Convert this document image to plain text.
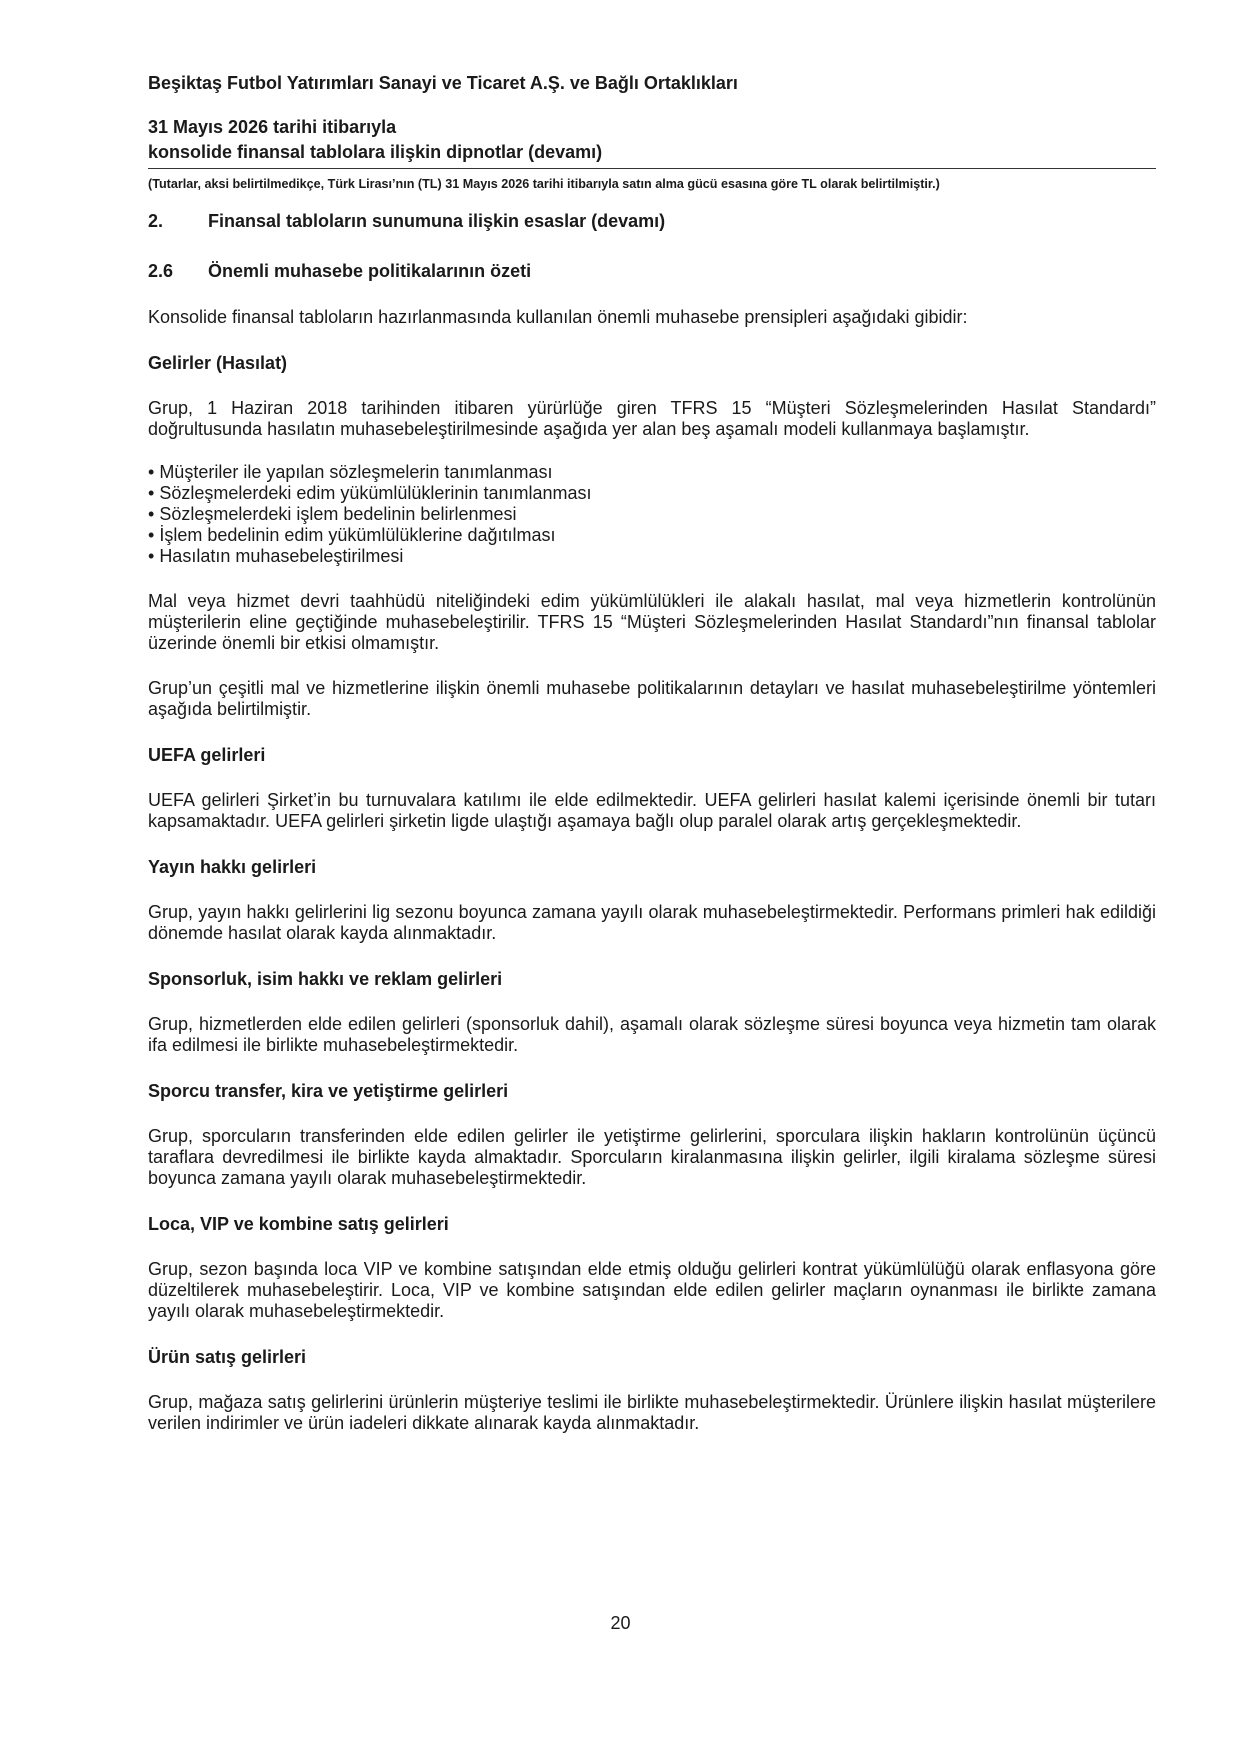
Beşiktaş Futbol Yatırımları Sanayi ve Ticaret A.Ş. ve Bağlı Ortaklıkları

31 Mayıs 2026 tarihi itibarıyla

konsolide finansal tablolara ilişkin dipnotlar (devamı)

(Tutarlar, aksi belirtilmedikçe, Türk Lirası’nın (TL) 31 Mayıs 2026 tarihi itibarıyla satın alma gücü esasına göre TL olarak belirtilmiştir.)

2.	Finansal tabloların sunumuna ilişkin esaslar (devamı)
2.6	Önemli muhasebe politikalarının özeti

Konsolide finansal tabloların hazırlanmasında kullanılan önemli muhasebe prensipleri aşağıdaki gibidir:

Gelirler (Hasılat)

Grup, 1 Haziran 2018 tarihinden itibaren yürürlüğe giren TFRS 15 “Müşteri Sözleşmelerinden Hasılat Standardı” doğrultusunda hasılatın muhasebeleştirilmesinde aşağıda yer alan beş aşamalı modeli kullanmaya başlamıştır.

• Müşteriler ile yapılan sözleşmelerin tanımlanması
• Sözleşmelerdeki edim yükümlülüklerinin tanımlanması
• Sözleşmelerdeki işlem bedelinin belirlenmesi
• İşlem bedelinin edim yükümlülüklerine dağıtılması
• Hasılatın muhasebeleştirilmesi

Mal veya hizmet devri taahhüdü niteliğindeki edim yükümlülükleri ile alakalı hasılat, mal veya hizmetlerin kontrolünün müşterilerin eline geçtiğinde muhasebeleştirilir. TFRS 15 “Müşteri Sözleşmelerinden Hasılat Standardı”nın finansal tablolar üzerinde önemli bir etkisi olmamıştır.

Grup’un çeşitli mal ve hizmetlerine ilişkin önemli muhasebe politikalarının detayları ve hasılat muhasebeleştirilme yöntemleri aşağıda belirtilmiştir.

UEFA gelirleri

UEFA gelirleri Şirket’in bu turnuvalara katılımı ile elde edilmektedir. UEFA gelirleri hasılat kalemi içerisinde önemli bir tutarı kapsamaktadır. UEFA gelirleri şirketin ligde ulaştığı aşamaya bağlı olup paralel olarak artış gerçekleşmektedir.

Yayın hakkı gelirleri

Grup, yayın hakkı gelirlerini lig sezonu boyunca zamana yayılı olarak muhasebeleştirmektedir. Performans primleri hak edildiği dönemde hasılat olarak kayda alınmaktadır.

Sponsorluk, isim hakkı ve reklam gelirleri

Grup, hizmetlerden elde edilen gelirleri (sponsorluk dahil), aşamalı olarak sözleşme süresi boyunca veya hizmetin tam olarak ifa edilmesi ile birlikte muhasebeleştirmektedir.

Sporcu transfer, kira ve yetiştirme gelirleri

Grup, sporcuların transferinden elde edilen gelirler ile yetiştirme gelirlerini, sporculara ilişkin hakların kontrolünün üçüncü taraflara devredilmesi ile birlikte kayda almaktadır. Sporcuların kiralanmasına ilişkin gelirler, ilgili kiralama sözleşme süresi boyunca zamana yayılı olarak muhasebeleştirmektedir.

Loca, VIP ve kombine satış gelirleri

Grup, sezon başında loca VIP ve kombine satışından elde etmiş olduğu gelirleri kontrat yükümlülüğü olarak enflasyona göre düzeltilerek muhasebeleştirir. Loca, VIP ve kombine satışından elde edilen gelirler maçların oynanması ile birlikte zamana yayılı olarak muhasebeleştirmektedir.

Ürün satış gelirleri

Grup, mağaza satış gelirlerini ürünlerin müşteriye teslimi ile birlikte muhasebeleştirmektedir. Ürünlere ilişkin hasılat müşterilere verilen indirimler ve ürün iadeleri dikkate alınarak kayda alınmaktadır.

20
